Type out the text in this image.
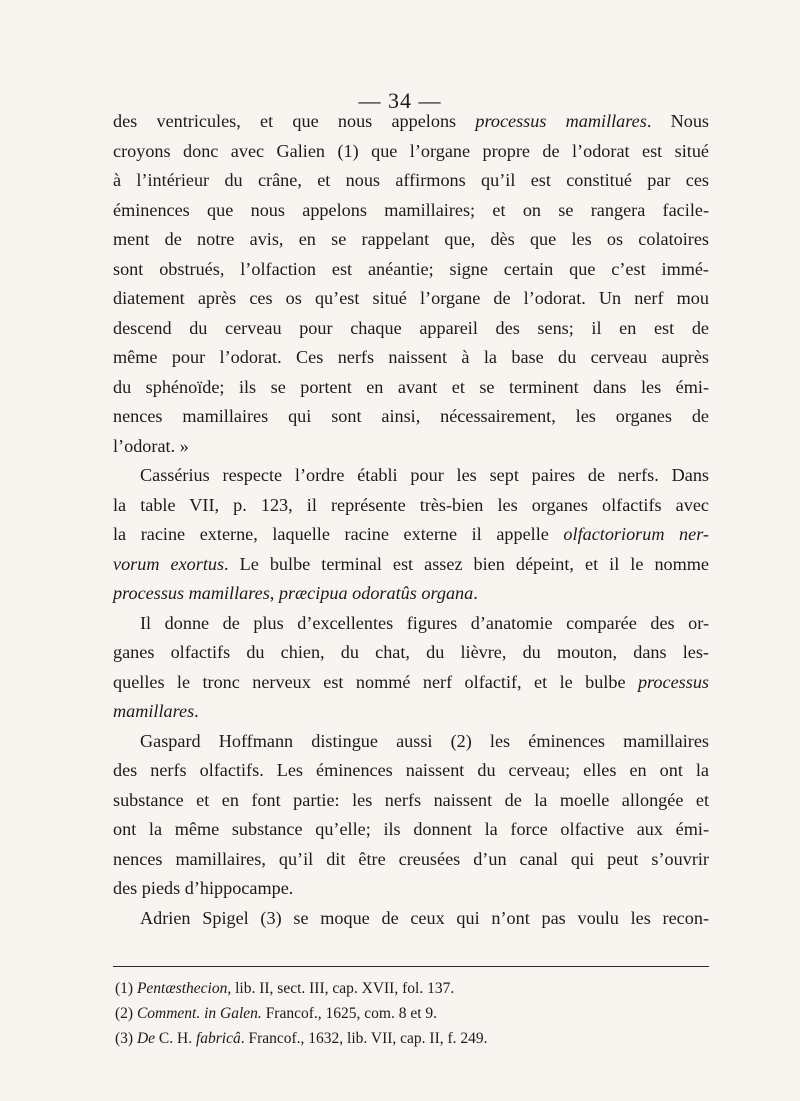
— 34 —
des ventricules, et que nous appelons processus mamillares. Nous
croyons donc avec Galien (1) que l’organe propre de l’odorat est situé
à l’intérieur du crâne, et nous affirmons qu’il est constitué par ces
éminences que nous appelons mamillaires; et on se rangera facile-
ment de notre avis, en se rappelant que, dès que les os colatoires
sont obstrués, l’olfaction est anéantie; signe certain que c’est immé-
diatement après ces os qu’est situé l’organe de l’odorat. Un nerf mou
descend du cerveau pour chaque appareil des sens; il en est de
même pour l’odorat. Ces nerfs naissent à la base du cerveau auprès
du sphénoïde; ils se portent en avant et se terminent dans les émi-
nences mamillaires qui sont ainsi, nécessairement, les organes de
l’odorat. »
Cassérius respecte l’ordre établi pour les sept paires de nerfs. Dans
la table VII, p. 123, il représente très-bien les organes olfactifs avec
la racine externe, laquelle racine externe il appelle olfactoriorum ner-
vorum exortus. Le bulbe terminal est assez bien dépeint, et il le nomme
processus mamillares, præcipua odoratûs organa.
Il donne de plus d’excellentes figures d’anatomie comparée des or-
ganes olfactifs du chien, du chat, du lièvre, du mouton, dans les-
quelles le tronc nerveux est nommé nerf olfactif, et le bulbe processus
mamillares.
Gaspard Hoffmann distingue aussi (2) les éminences mamillaires
des nerfs olfactifs. Les éminences naissent du cerveau; elles en ont la
substance et en font partie: les nerfs naissent de la moelle allongée et
ont la même substance qu’elle; ils donnent la force olfactive aux émi-
nences mamillaires, qu’il dit être creusées d’un canal qui peut s’ouvrir
des pieds d’hippocampe.
Adrien Spigel (3) se moque de ceux qui n’ont pas voulu les recon-
(1) Pentæsthecion, lib. II, sect. III, cap. XVII, fol. 137.
(2) Comment. in Galen. Francof., 1625, com. 8 et 9.
(3) De C. H. fabricâ. Francof., 1632, lib. VII, cap. II, f. 249.
